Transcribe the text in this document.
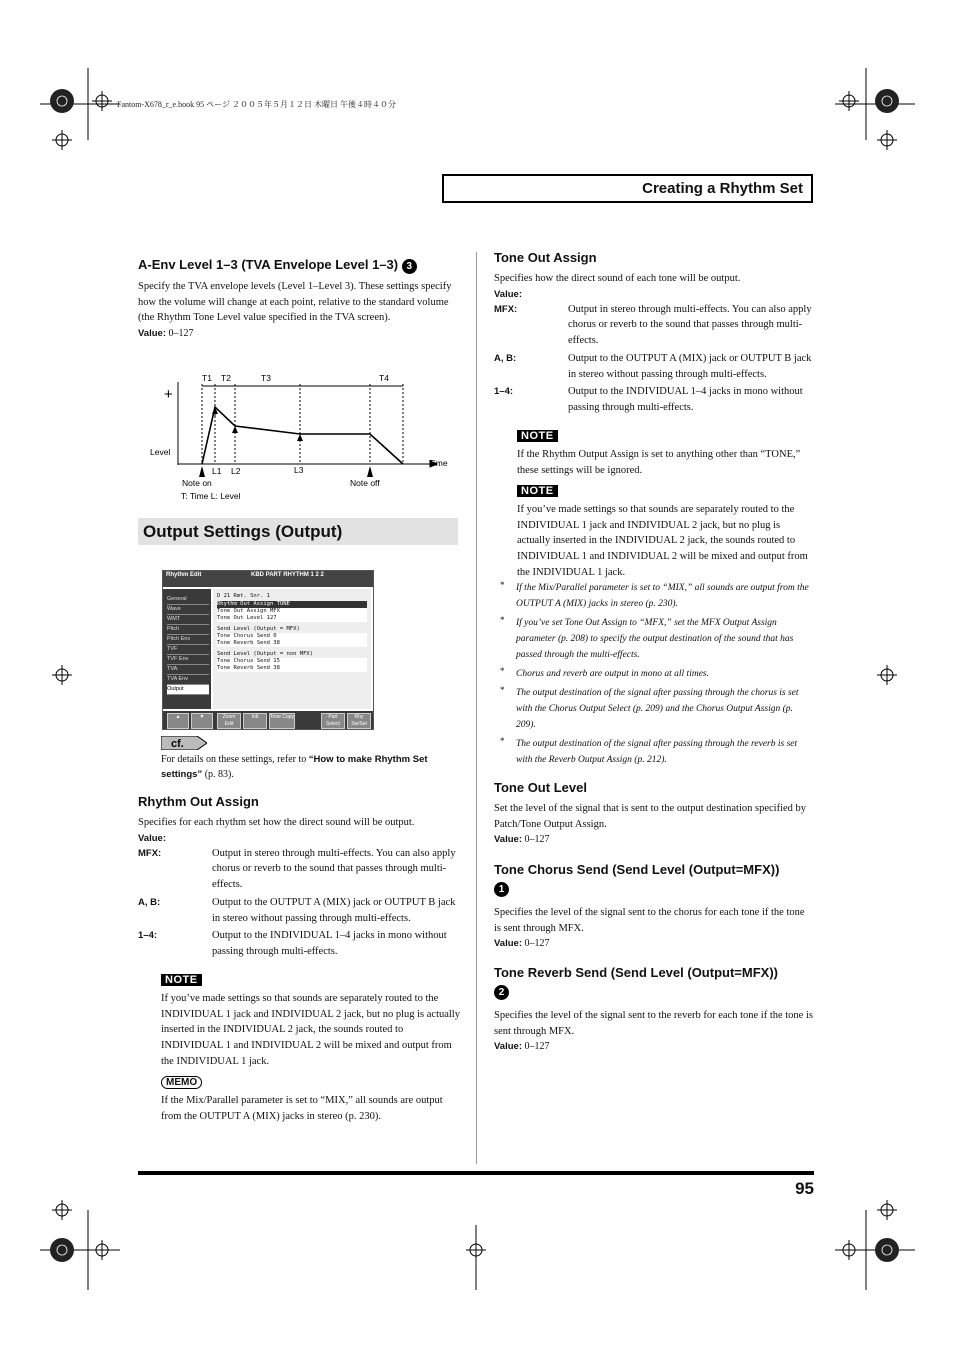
Fantom-X678_r_e.book 95 ページ ２００５年５月１２日 木曜日 午後４時４０分
Creating a Rhythm Set
A-Env Level 1–3 (TVA Envelope Level 1–3) 3

Specify the TVA envelope levels (Level 1–Level 3). These settings specify how the volume will change at each point, relative to the standard volume (the Rhythm Tone Level value specified in the TVA screen).

Value: 0–127

T1 T2	T3	T4
+
Level
Time
L1 L2	L3
Note on	Note off
T: Time L: Level
Output Settings (Output)
Rhythm Edit	KBD PART RHYTHM 1 2 2
General
Wave
WMT
Pitch
Pitch Env
TVF
TVF Env
TVA
TVA Env
Output
D 21 Rmt. Snr. 1
Rhythm Out Assign TONE
Tone Out Assign MFX
Tone Out Level 127
Send Level (Output = MFX)
Tone Chorus Send 0
Tone Reverb Send 38
Send Level (Output = non MFX)
Tone Chorus Send 15
Tone Reverb Send 38
▲	▼	Zoom Edit
Init	Tone Copy	Part Select
Rhy Sw/Sel
cf.
For details on these settings, refer to “How to make Rhythm Set settings” (p. 83).
Rhythm Out Assign

Specifies for each rhythm set how the direct sound will be output.

Value:

MFX:	Output in stereo through multi-effects. You can also apply chorus or reverb to the sound that passes through multi-effects.
A, B:	Output to the OUTPUT A (MIX) jack or OUTPUT B jack in stereo without passing through multi-effects.
1–4:	Output to the INDIVIDUAL 1–4 jacks in mono without passing through multi-effects.
NOTE

If you’ve made settings so that sounds are separately routed to the INDIVIDUAL 1 jack and INDIVIDUAL 2 jack, but no plug is actually inserted in the INDIVIDUAL 2 jack, the sounds routed to INDIVIDUAL 1 and INDIVIDUAL 2 will be mixed and output from the INDIVIDUAL 1 jack.

MEMO

If the Mix/Parallel parameter is set to “MIX,” all sounds are output from the OUTPUT A (MIX) jacks in stereo (p. 230).

Tone Out Assign

Specifies how the direct sound of each tone will be output.

Value:

MFX:	Output in stereo through multi-effects. You can also apply chorus or reverb to the sound that passes through multi-effects.
A, B:	Output to the OUTPUT A (MIX) jack or OUTPUT B jack in stereo without passing through multi-effects.
1–4:	Output to the INDIVIDUAL 1–4 jacks in mono without passing through multi-effects.
NOTE

If the Rhythm Output Assign is set to anything other than “TONE,” these settings will be ignored.

NOTE

If you’ve made settings so that sounds are separately routed to the INDIVIDUAL 1 jack and INDIVIDUAL 2 jack, but no plug is actually inserted in the INDIVIDUAL 2 jack, the sounds routed to INDIVIDUAL 1 and INDIVIDUAL 2 will be mixed and output from the INDIVIDUAL 1 jack.

*	If the Mix/Parallel parameter is set to “MIX,” all sounds are output from the OUTPUT A (MIX) jacks in stereo (p. 230).

*	If you’ve set Tone Out Assign to “MFX,” set the MFX Output Assign parameter (p. 208) to specify the output destination of the sound that has passed through the multi-effects.

*	Chorus and reverb are output in mono at all times.

*	The output destination of the signal after passing through the chorus is set with the Chorus Output Select (p. 209) and the Chorus Output Assign (p. 209).

*	The output destination of the signal after passing through the reverb is set with the Reverb Output Assign (p. 212).

Tone Out Level

Set the level of the signal that is sent to the output destination specified by Patch/Tone Output Assign.

Value: 0–127

Tone Chorus Send (Send Level (Output=MFX))
1

Specifies the level of the signal sent to the chorus for each tone if the tone is sent through MFX.

Value: 0–127

Tone Reverb Send (Send Level (Output=MFX))
2

Specifies the level of the signal sent to the reverb for each tone if the tone is sent through MFX.

Value: 0–127

95
